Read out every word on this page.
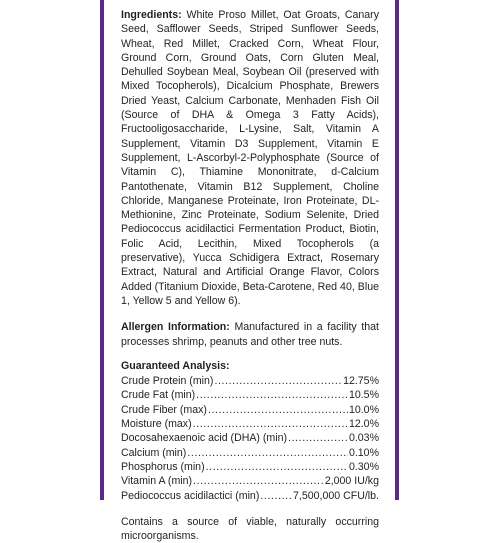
Ingredients: White Proso Millet, Oat Groats, Canary Seed, Safflower Seeds, Striped Sunflower Seeds, Wheat, Red Millet, Cracked Corn, Wheat Flour, Ground Corn, Ground Oats, Corn Gluten Meal, Dehulled Soybean Meal, Soybean Oil (preserved with Mixed Tocopherols), Dicalcium Phosphate, Brewers Dried Yeast, Calcium Carbonate, Menhaden Fish Oil (Source of DHA & Omega 3 Fatty Acids), Fructooligosaccharide, L-Lysine, Salt, Vitamin A Supplement, Vitamin D3 Supplement, Vitamin E Supplement, L-Ascorbyl-2-Polyphosphate (Source of Vitamin C), Thiamine Mononitrate, d-Calcium Pantothenate, Vitamin B12 Supplement, Choline Chloride, Manganese Proteinate, Iron Proteinate, DL-Methionine, Zinc Proteinate, Sodium Selenite, Dried Pediococcus acidilactici Fermentation Product, Biotin, Folic Acid, Lecithin, Mixed Tocopherols (a preservative), Yucca Schidigera Extract, Rosemary Extract, Natural and Artificial Orange Flavor, Colors Added (Titanium Dioxide, Beta-Carotene, Red 40, Blue 1, Yellow 5 and Yellow 6).

Allergen Information: Manufactured in a facility that processes shrimp, peanuts and other tree nuts.

Guaranteed Analysis:
Crude Protein (min) .....	12.75%
Crude Fat (min) .....	10.5%
Crude Fiber (max) .....	10.0%
Moisture (max) .....	12.0%
Docosahexaenoic acid (DHA) (min) .....	0.03%
Calcium (min) .....	0.10%
Phosphorus (min) .....	0.30%
Vitamin A (min) .....	2,000 IU/kg
Pediococcus acidilactici (min) .....	7,500,000 CFU/lb.

Contains a source of viable, naturally occurring microorganisms.
